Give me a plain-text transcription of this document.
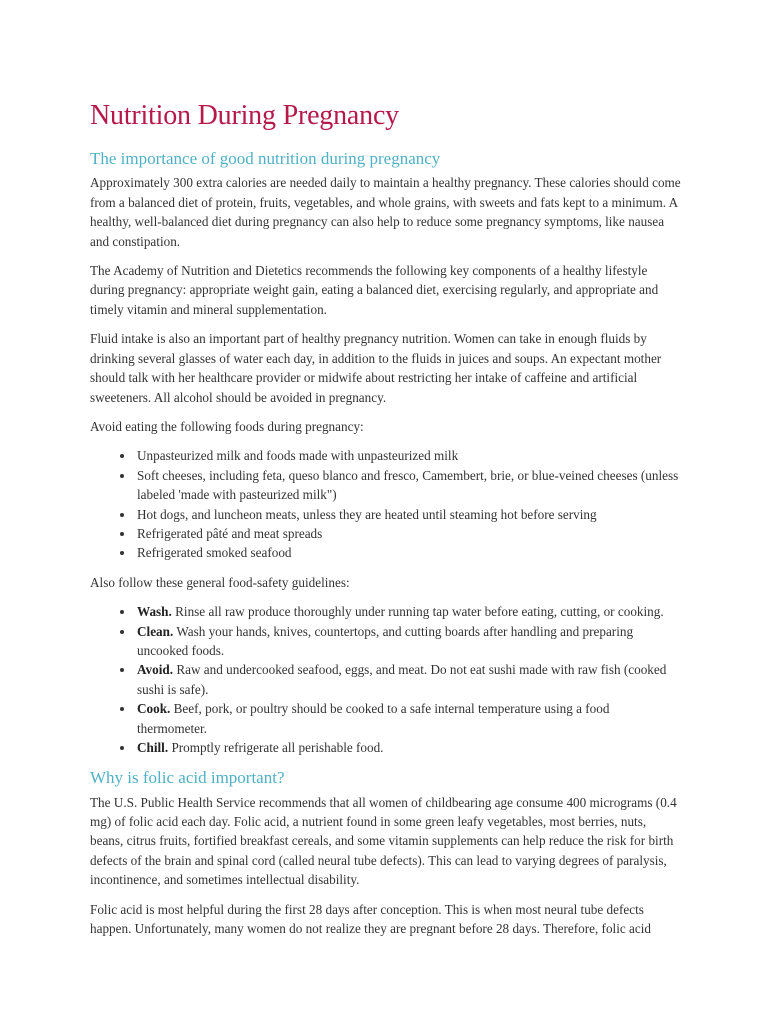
Nutrition During Pregnancy
The importance of good nutrition during pregnancy

Approximately 300 extra calories are needed daily to maintain a healthy pregnancy. These calories should come from a balanced diet of protein, fruits, vegetables, and whole grains, with sweets and fats kept to a minimum. A healthy, well-balanced diet during pregnancy can also help to reduce some pregnancy symptoms, like nausea and constipation.

The Academy of Nutrition and Dietetics recommends the following key components of a healthy lifestyle during pregnancy: appropriate weight gain, eating a balanced diet, exercising regularly, and appropriate and timely vitamin and mineral supplementation.

Fluid intake is also an important part of healthy pregnancy nutrition. Women can take in enough fluids by drinking several glasses of water each day, in addition to the fluids in juices and soups. An expectant mother should talk with her healthcare provider or midwife about restricting her intake of caffeine and artificial sweeteners. All alcohol should be avoided in pregnancy.

Avoid eating the following foods during pregnancy:

• Unpasteurized milk and foods made with unpasteurized milk
• Soft cheeses, including feta, queso blanco and fresco, Camembert, brie, or blue-veined cheeses (unless labeled 'made with pasteurized milk")
• Hot dogs, and luncheon meats, unless they are heated until steaming hot before serving
• Refrigerated pâté and meat spreads
• Refrigerated smoked seafood

Also follow these general food-safety guidelines:

• Wash. Rinse all raw produce thoroughly under running tap water before eating, cutting, or cooking.
• Clean. Wash your hands, knives, countertops, and cutting boards after handling and preparing uncooked foods.
• Avoid. Raw and undercooked seafood, eggs, and meat. Do not eat sushi made with raw fish (cooked sushi is safe).
• Cook. Beef, pork, or poultry should be cooked to a safe internal temperature using a food thermometer.
• Chill. Promptly refrigerate all perishable food.
Why is folic acid important?

The U.S. Public Health Service recommends that all women of childbearing age consume 400 micrograms (0.4 mg) of folic acid each day. Folic acid, a nutrient found in some green leafy vegetables, most berries, nuts, beans, citrus fruits, fortified breakfast cereals, and some vitamin supplements can help reduce the risk for birth defects of the brain and spinal cord (called neural tube defects). This can lead to varying degrees of paralysis, incontinence, and sometimes intellectual disability.

Folic acid is most helpful during the first 28 days after conception. This is when most neural tube defects happen. Unfortunately, many women do not realize they are pregnant before 28 days. Therefore, folic acid
